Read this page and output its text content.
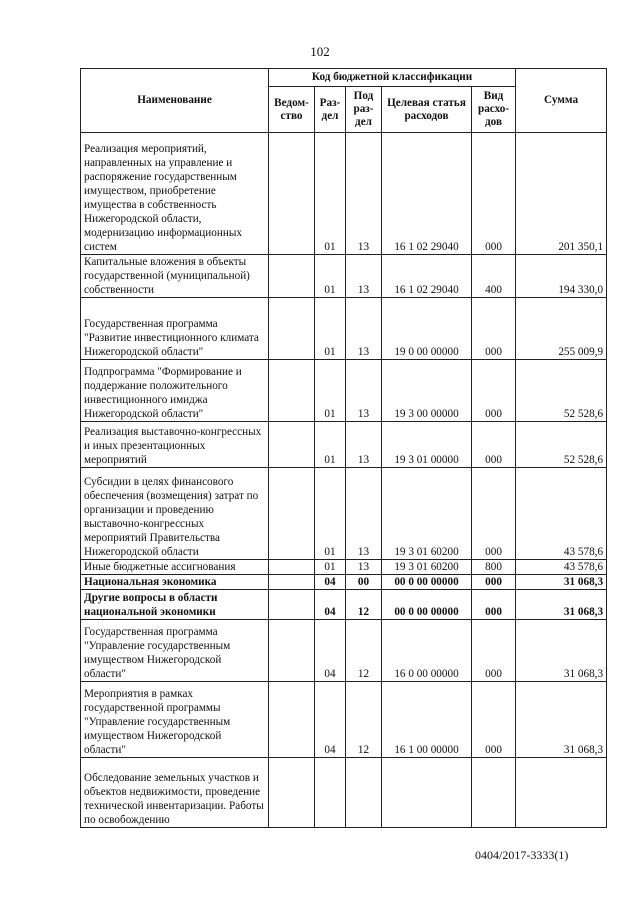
102
Наименование	Код бюджетной классификации					Сумма
	Ведом-ство	Раз-дел	Под раз-дел	Целевая статья расходов	Вид расхо-дов	
Реализация мероприятий, направленных на управление и распоряжение государственным имуществом, приобретение имущества в собственность Нижегородской области, модернизацию информационных систем		01	13	16 1 02 29040	000	201 350,1
Капитальные вложения в объекты государственной (муниципальной) собственности		01	13	16 1 02 29040	400	194 330,0
Государственная программа "Развитие инвестиционного климата Нижегородской области"		01	13	19 0 00 00000	000	255 009,9
Подпрограмма "Формирование и поддержание положительного инвестиционного имиджа Нижегородской области"		01	13	19 3 00 00000	000	52 528,6
Реализация выставочно-конгрессных и иных презентационных мероприятий		01	13	19 3 01 00000	000	52 528,6
Субсидии в целях финансового обеспечения (возмещения) затрат по организации и проведению выставочно-конгрессных мероприятий Правительства Нижегородской области		01	13	19 3 01 60200	000	43 578,6
Иные бюджетные ассигнования		01	13	19 3 01 60200	800	43 578,6
Национальная экономика		04	00	00 0 00 00000	000	31 068,3
Другие вопросы в области национальной экономики		04	12	00 0 00 00000	000	31 068,3
Государственная программа "Управление государственным имуществом Нижегородской области"		04	12	16 0 00 00000	000	31 068,3
Мероприятия в рамках государственной программы "Управление государственным имуществом Нижегородской области"		04	12	16 1 00 00000	000	31 068,3
Обследование земельных участков и объектов недвижимости, проведение технической инвентаризации. Работы по освобождению						
0404/2017-3333(1)
